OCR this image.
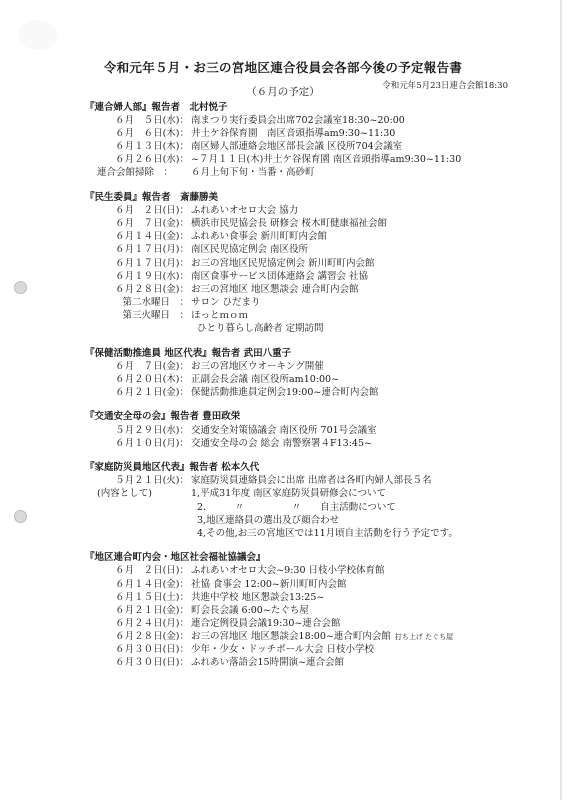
令和元年５月・お三の宮地区連合役員会各部今後の予定報告書
令和元年5月23日連合会館18:30
（６月の予定）
『連合婦人部』報告者　北村悦子
６月　５日(水)： 南まつり実行委員会出席702会議室18:30~20:00
６月　６日(木)： 井土ケ谷保育園　南区音頭指導am9:30~11:30
６月１３日(木)： 南区婦人部連絡会地区部長会議 区役所704会議室
６月２６日(水)： ~７月１１日(木)井土ケ谷保育園 南区音頭指導am9:30~11:30
連合会館掃除　：	６月上旬下旬・当番・高砂町
『民生委員』報告者　斎藤勝美
６月　２日(日)： ふれあいオセロ大会 協力
６月　７日(金)： 横浜市民児協会長 研修会 桜木町健康福祉会館
６月１４日(金)： ふれあい食事会 新川町町内会館
６月１７日(月)： 南区民児協定例会 南区役所
６月１７日(月)： お三の宮地区民児協定例会 新川町町内会館
６月１９日(水)： 南区食事サービス団体連絡会 講習会 社協
６月２８日(金)： お三の宮地区 地区懇談会 連合町内会館
第二水曜日　： サロン ひだまり
第三火曜日　： ほっとｍｏｍ
ひとり暮らし高齢者 定期訪問
『保健活動推進員 地区代表』報告者 武田八重子
６月　７日(金)： お三の宮地区ウオーキング開催
６月２０日(木)： 正副会長会議 南区役所am10:00~
６月２１日(金)： 保健活動推進員定例会19:00~連合町内会館
『交通安全母の会』報告者 豊田政栄
５月２９日(水)： 交通安全対策協議会 南区役所 701号会議室
６月１０日(月)： 交通安全母の会 総会 南警察署４F13:45~
『家庭防災員地区代表』報告者 松本久代
５月２１日(火)： 家庭防災員連絡員会に出席 出席者は各町内婦人部長５名
(内容として)	1,平成31年度 南区家庭防災員研修会について
2.　　　〃　　　　　〃　　自主活動について
3,地区連絡員の選出及び顔合わせ
4,その他,お三の宮地区では11月頃自主活動を行う予定です。
『地区連合町内会・地区社会福祉協議会』
６月　２日(日)： ふれあいオセロ大会~9:30 日枝小学校体育館
６月１４日(金)： 社協 食事会 12:00~新川町町内会館
６月１５日(土)： 共進中学校 地区懇談会13:25~
６月２１日(金)： 町会長会議 6:00~たぐち屋
６月２４日(月)： 連合定例役員会議19:30~連合会館
６月２８日(金)： お三の宮地区 地区懇談会18:00~連合町内会館 打ち上げ たぐち屋
６月３０日(日)： 少年・少女・ドッチボール大会 日枝小学校
６月３０日(日)： ふれあい落語会15時開演~連合会館
